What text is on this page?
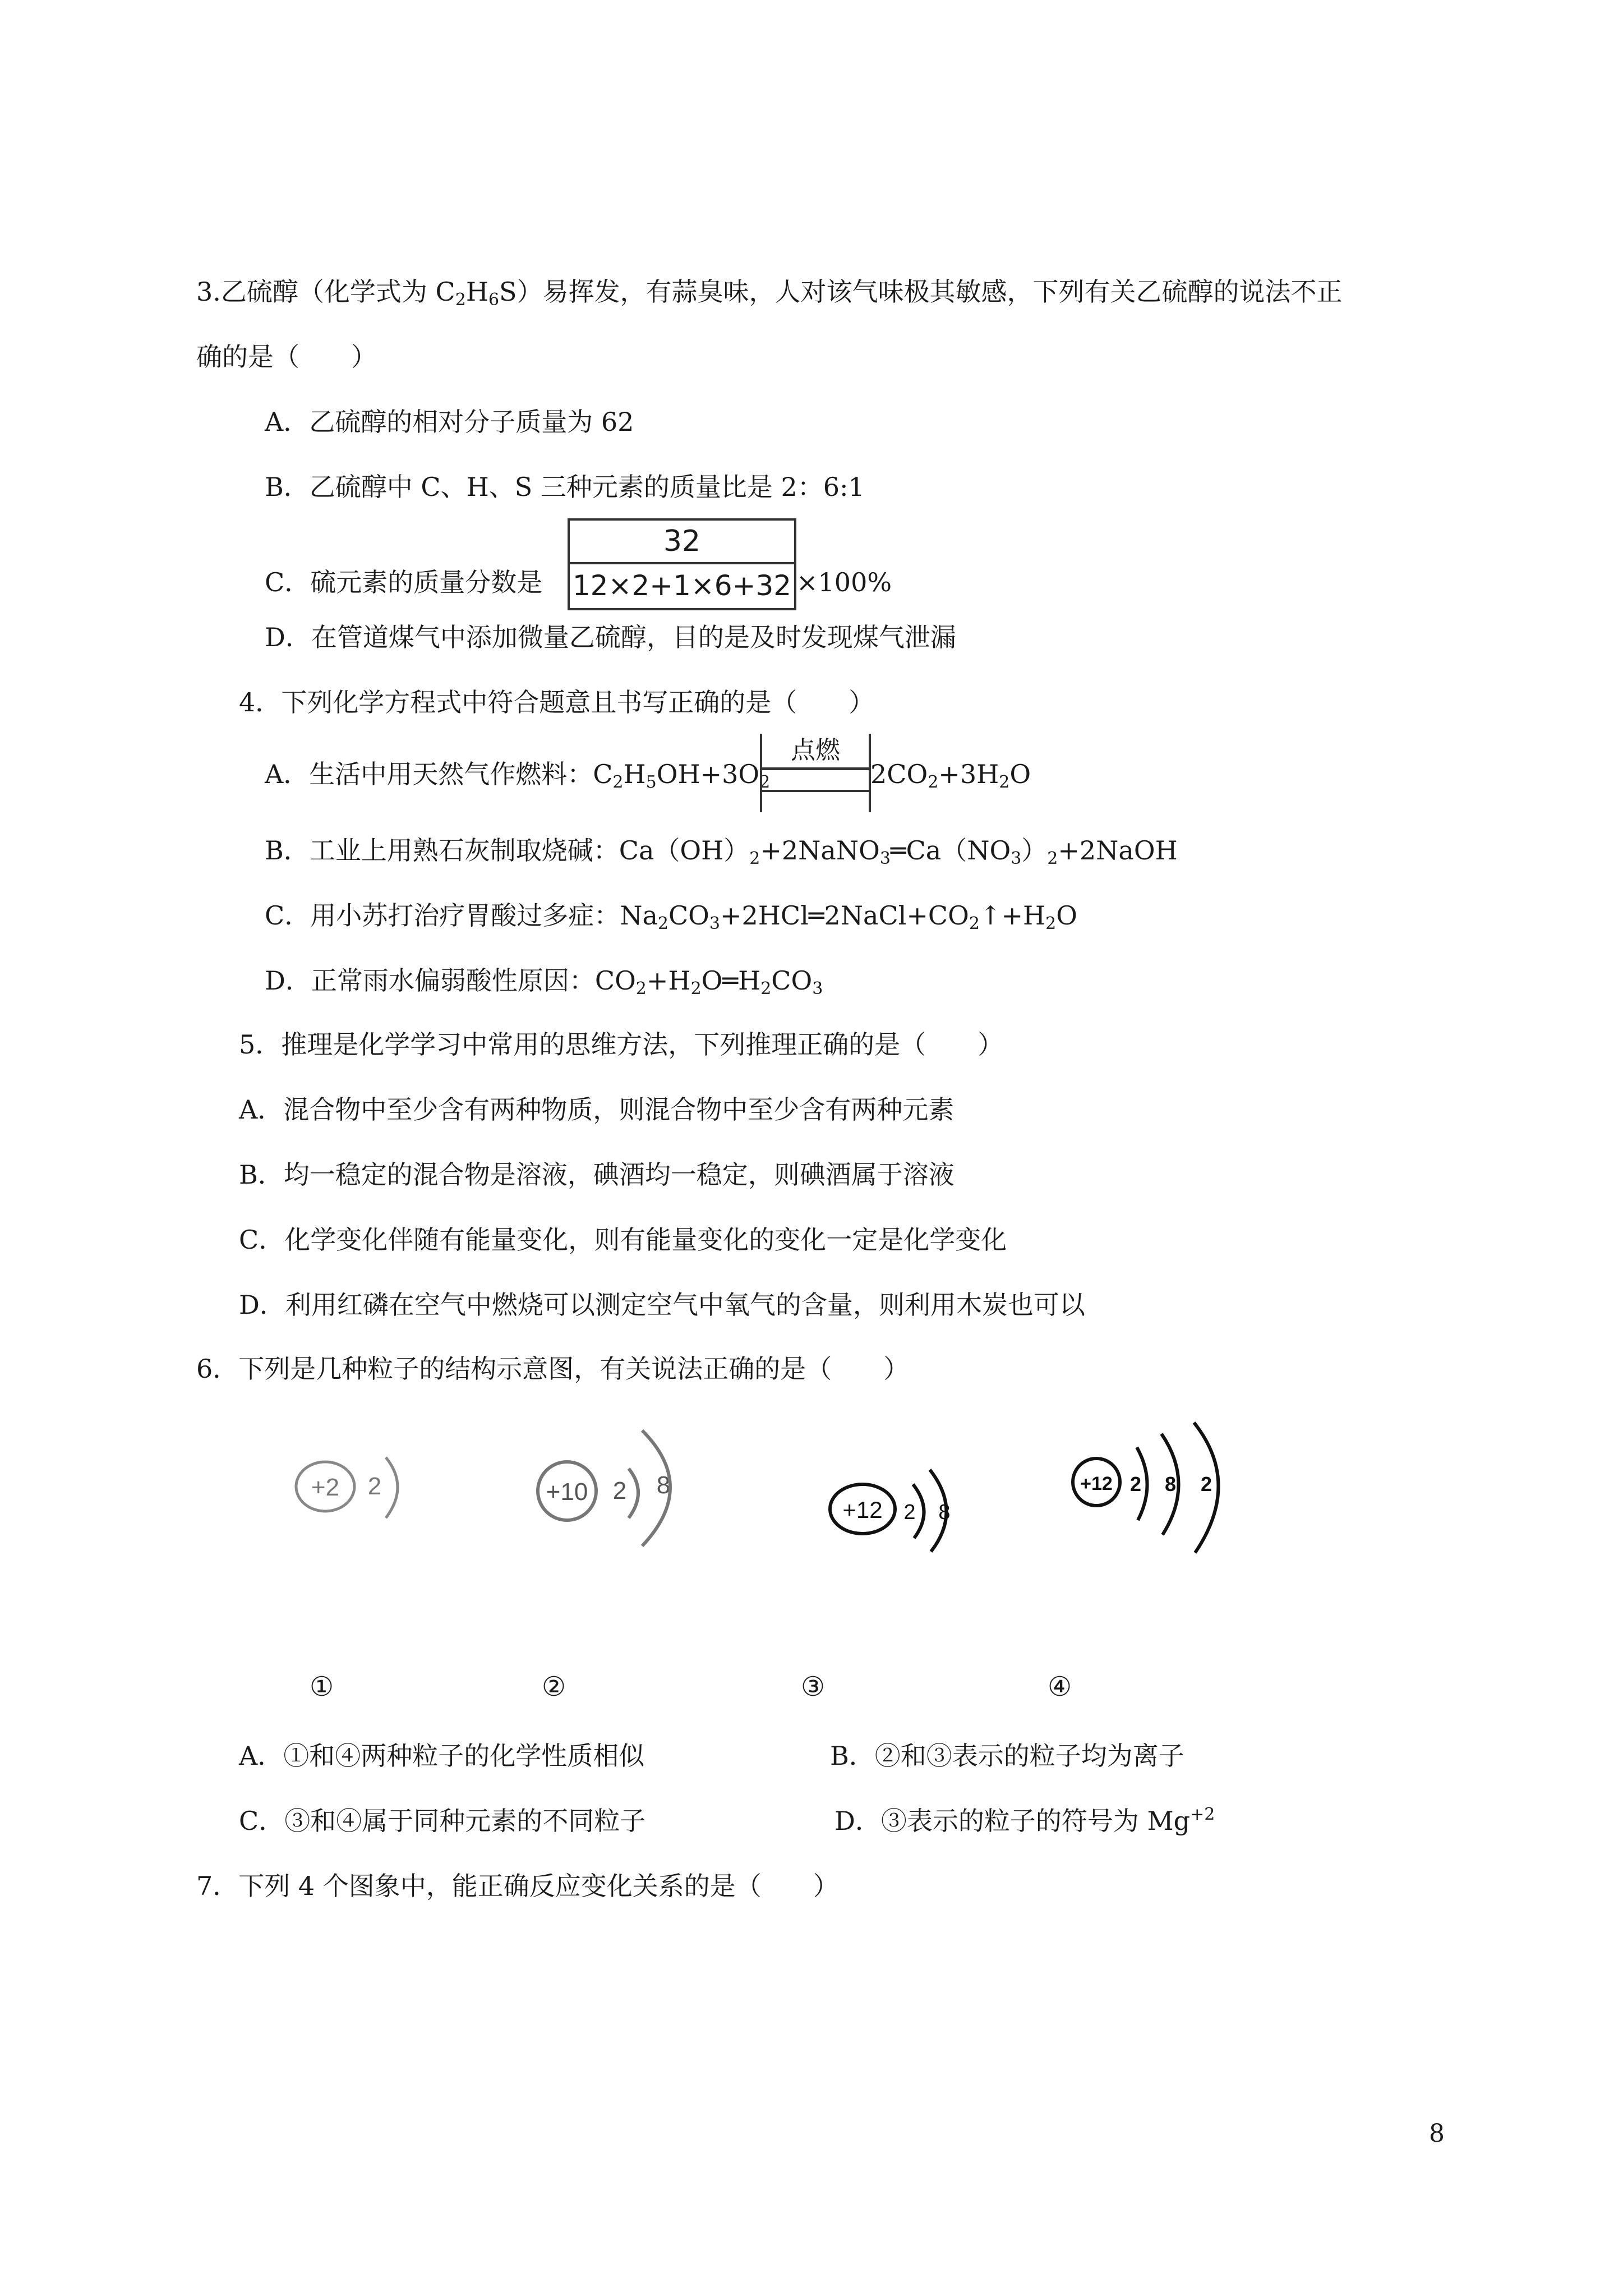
3.乙硫醇（化学式为 $C_2H_6S$）易挥发，有蒜臭味，人对该气味极其敏感，下列有关乙硫醇的说法不正
确的是（　　）
A．乙硫醇的相对分子质量为 62
B．乙硫醇中 C、H、S 三种元素的质量比是 2：6:1
C．硫元素的质量分数是 $\frac{32}{12\times 2+1\times 6+32} \times 100\%$
D．在管道煤气中添加微量乙硫醇，目的是及时发现煤气泄漏
4．下列化学方程式中符合题意且书写正确的是（　　）
A．生活中用天然气作燃料：$C_2H_5OH+3O_2$
点燃
$2CO_2+3H_2O$
B．工业上用熟石灰制取烧碱：$Ca(OH)_2+2NaNO_3═Ca(NO_3)_2+2NaOH$
C．用小苏打治疗胃酸过多症：$Na_2CO_3+2HCl═2NaCl+CO_2↑+H_2O$
D．正常雨水偏弱酸性原因：$CO_2+H_2O═H_2CO_3$
5．推理是化学学习中常用的思维方法，下列推理正确的是（　　）
A．混合物中至少含有两种物质，则混合物中至少含有两种元素
B．均一稳定的混合物是溶液，碘酒均一稳定，则碘酒属于溶液
C．化学变化伴随有能量变化，则有能量变化的变化一定是化学变化
D．利用红磷在空气中燃烧可以测定空气中氧气的含量，则利用木炭也可以
6．下列是几种粒子的结构示意图，有关说法正确的是（　　）
+2 2	+10 2 8
+12 2 8
+12 2 8 2
①	②	③	④
A．①和④两种粒子的化学性质相似	B．②和③表示的粒子均为离子
C．③和④属于同种元素的不同粒子	D．③表示的粒子的符号为 $Mg^{+2}$
7．下列 4 个图象中，能正确反应变化关系的是（　　）
8
